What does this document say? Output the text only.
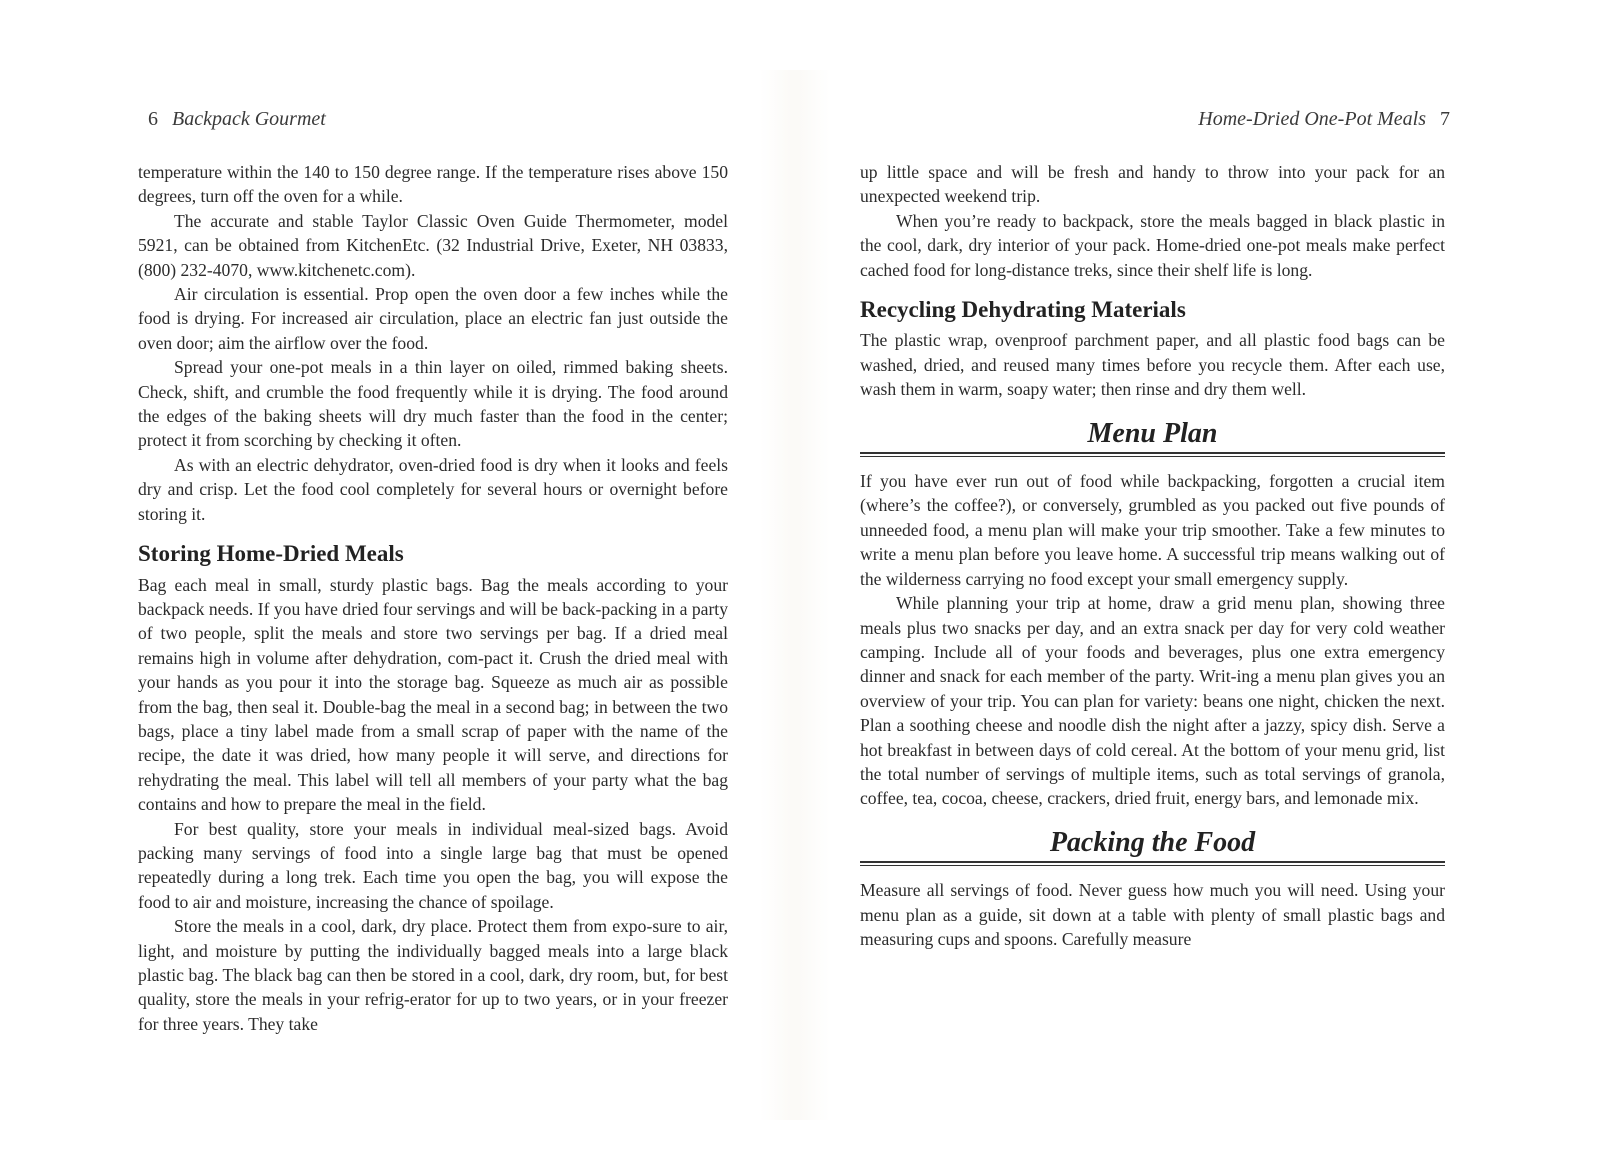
6 Backpack Gourmet

temperature within the 140 to 150 degree range. If the temperature rises above 150 degrees, turn off the oven for a while.

The accurate and stable Taylor Classic Oven Guide Thermometer, model 5921, can be obtained from KitchenEtc. (32 Industrial Drive, Exeter, NH 03833, (800) 232-4070, www.kitchenetc.com).

Air circulation is essential. Prop open the oven door a few inches while the food is drying. For increased air circulation, place an electric fan just outside the oven door; aim the airflow over the food.

Spread your one-pot meals in a thin layer on oiled, rimmed baking sheets. Check, shift, and crumble the food frequently while it is drying. The food around the edges of the baking sheets will dry much faster than the food in the center; protect it from scorching by checking it often.

As with an electric dehydrator, oven-dried food is dry when it looks and feels dry and crisp. Let the food cool completely for several hours or overnight before storing it.

Storing Home-Dried Meals

Bag each meal in small, sturdy plastic bags. Bag the meals according to your backpack needs. If you have dried four servings and will be back-packing in a party of two people, split the meals and store two servings per bag. If a dried meal remains high in volume after dehydration, com-pact it. Crush the dried meal with your hands as you pour it into the storage bag. Squeeze as much air as possible from the bag, then seal it. Double-bag the meal in a second bag; in between the two bags, place a tiny label made from a small scrap of paper with the name of the recipe, the date it was dried, how many people it will serve, and directions for rehydrating the meal. This label will tell all members of your party what the bag contains and how to prepare the meal in the field.

For best quality, store your meals in individual meal-sized bags. Avoid packing many servings of food into a single large bag that must be opened repeatedly during a long trek. Each time you open the bag, you will expose the food to air and moisture, increasing the chance of spoilage.

Store the meals in a cool, dark, dry place. Protect them from expo-sure to air, light, and moisture by putting the individually bagged meals into a large black plastic bag. The black bag can then be stored in a cool, dark, dry room, but, for best quality, store the meals in your refrig-erator for up to two years, or in your freezer for three years. They take

Home-Dried One-Pot Meals 7

up little space and will be fresh and handy to throw into your pack for an unexpected weekend trip.

When you’re ready to backpack, store the meals bagged in black plastic in the cool, dark, dry interior of your pack. Home-dried one-pot meals make perfect cached food for long-distance treks, since their shelf life is long.

Recycling Dehydrating Materials

The plastic wrap, ovenproof parchment paper, and all plastic food bags can be washed, dried, and reused many times before you recycle them. After each use, wash them in warm, soapy water; then rinse and dry them well.

Menu Plan

If you have ever run out of food while backpacking, forgotten a crucial item (where’s the coffee?), or conversely, grumbled as you packed out five pounds of unneeded food, a menu plan will make your trip smoother. Take a few minutes to write a menu plan before you leave home. A successful trip means walking out of the wilderness carrying no food except your small emergency supply.

While planning your trip at home, draw a grid menu plan, showing three meals plus two snacks per day, and an extra snack per day for very cold weather camping. Include all of your foods and beverages, plus one extra emergency dinner and snack for each member of the party. Writ-ing a menu plan gives you an overview of your trip. You can plan for variety: beans one night, chicken the next. Plan a soothing cheese and noodle dish the night after a jazzy, spicy dish. Serve a hot breakfast in between days of cold cereal. At the bottom of your menu grid, list the total number of servings of multiple items, such as total servings of granola, coffee, tea, cocoa, cheese, crackers, dried fruit, energy bars, and lemonade mix.

Packing the Food

Measure all servings of food. Never guess how much you will need. Using your menu plan as a guide, sit down at a table with plenty of small plastic bags and measuring cups and spoons. Carefully measure
